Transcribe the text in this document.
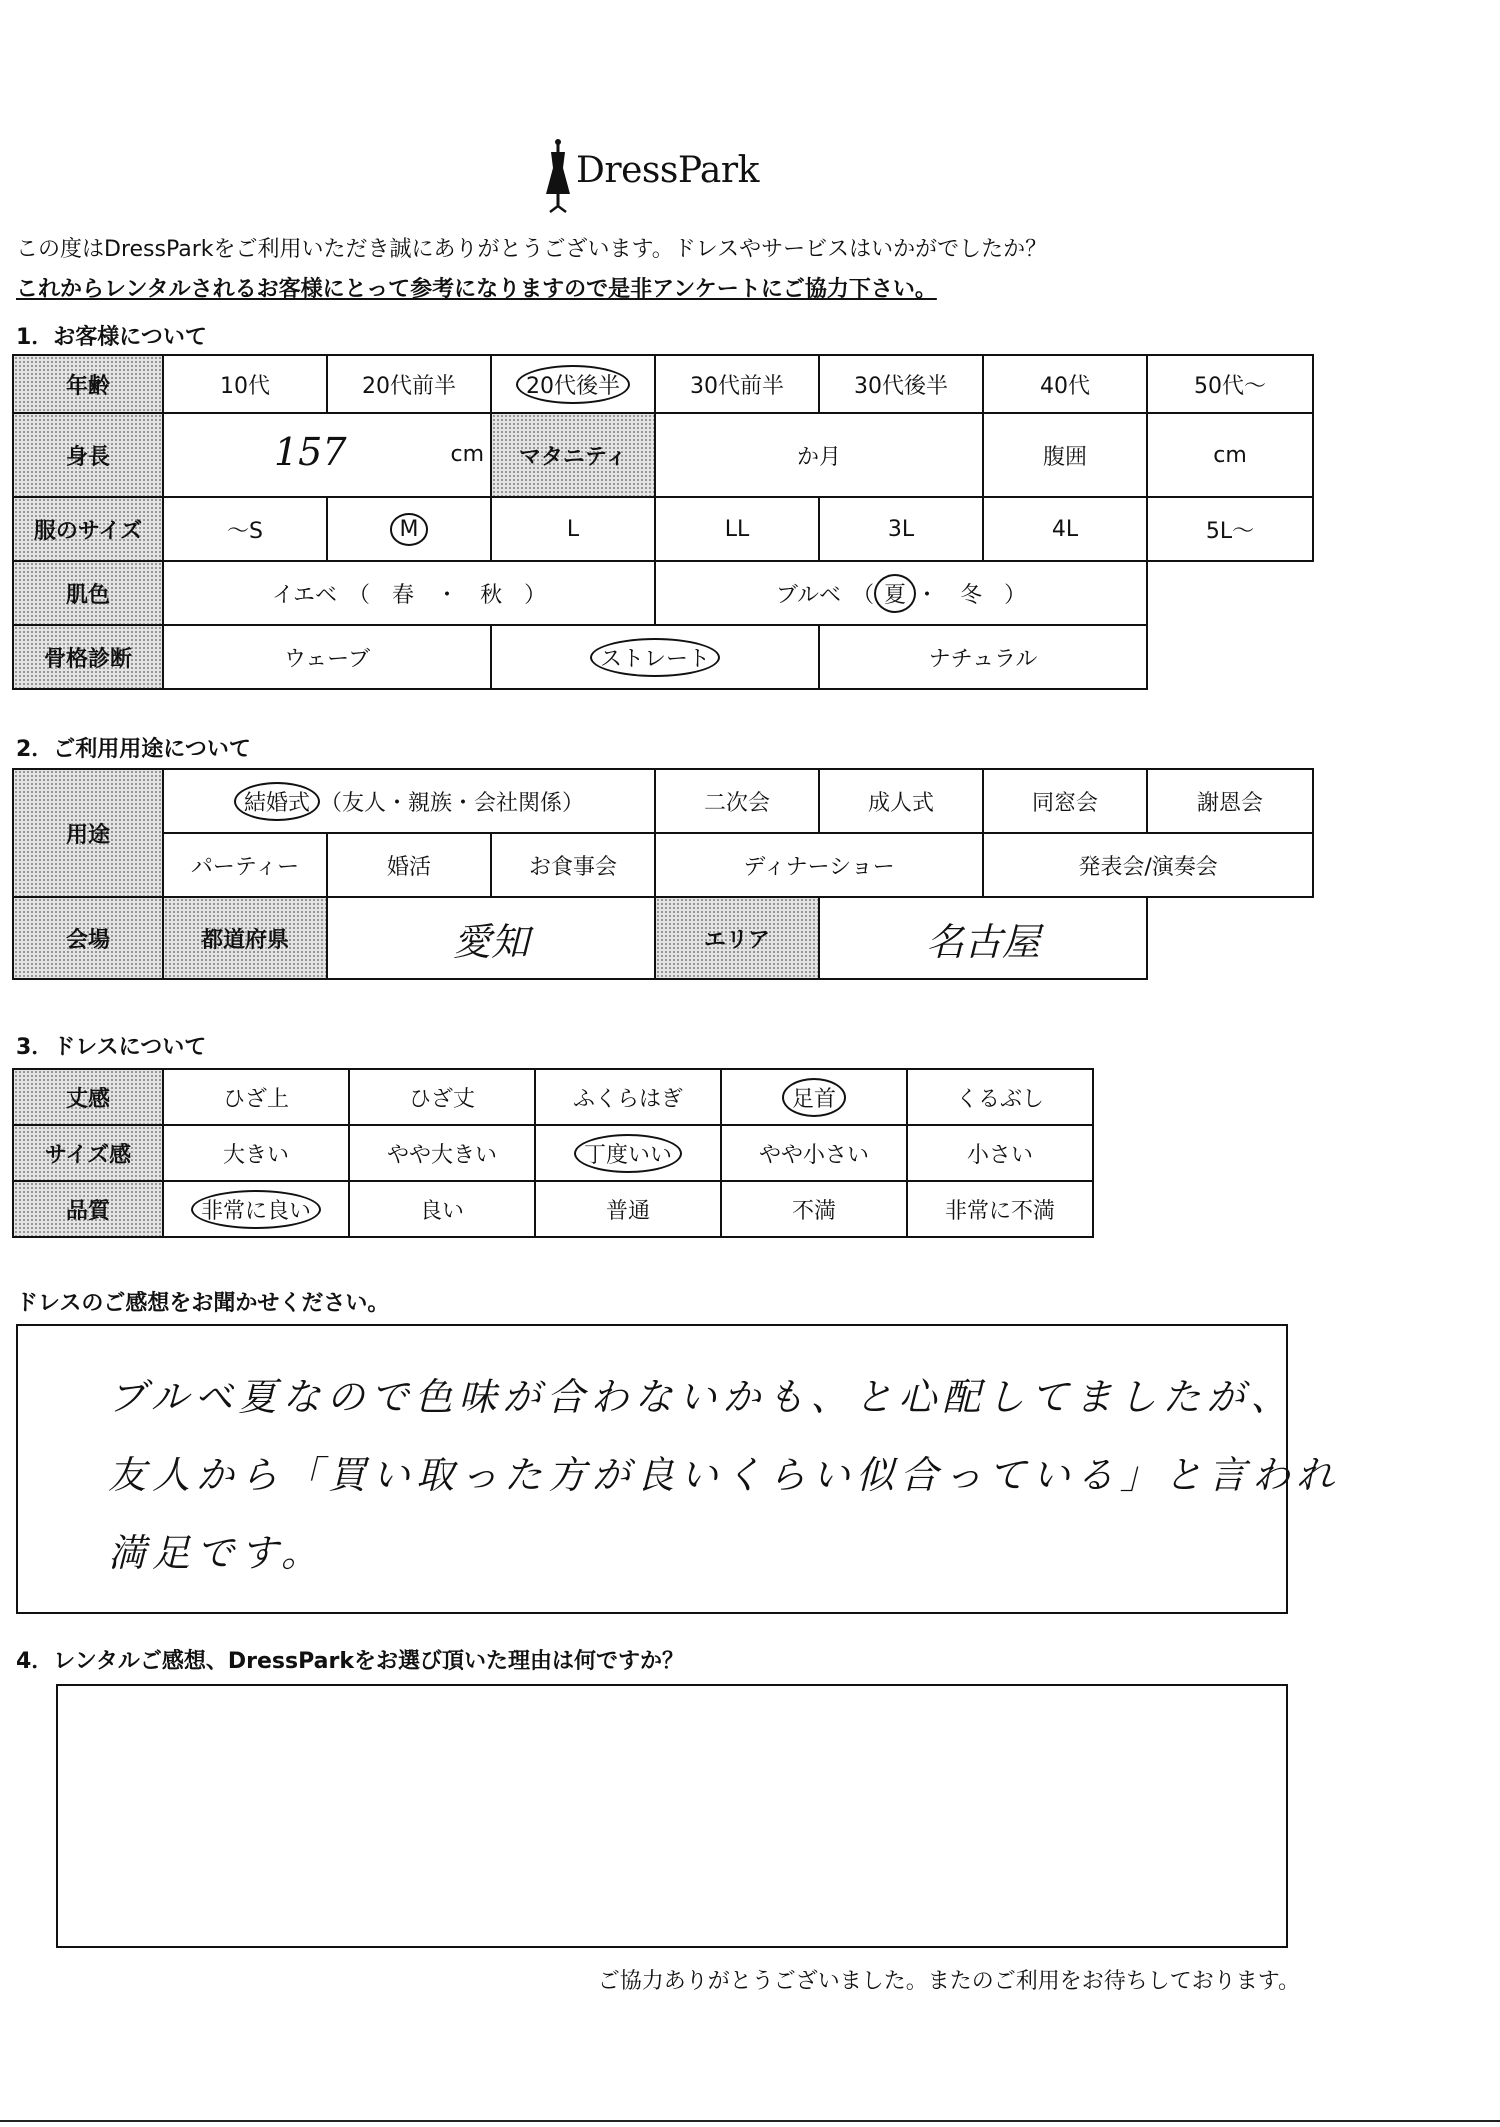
DressPark
この度はDressParkをご利用いただき誠にありがとうございます。ドレスやサービスはいかがでしたか？
これからレンタルされるお客様にとって参考になりますので是非アンケートにご協力下さい。
1．お客様について
年齢	10代	20代前半	20代後半	30代前半	30代後半	40代	50代～
身長	157 cm		マタニティ	か月		腹囲	cm
服のサイズ	～S	M	L	LL	3L	4L	5L～
肌色	イエベ　（　春　・　秋　）			ブルベ　（ 夏 ・　冬　）			
骨格診断	ウェーブ		ストレート		ナチュラル		
2．ご利用用途について
用途	結婚式 （友人・親族・会社関係）			二次会	成人式	同窓会	謝恩会
	パーティー	婚活	お食事会	ディナーショー		発表会/演奏会	
会場	都道府県	愛知		エリア	名古屋		
3．ドレスについて
丈感	ひざ上	ひざ丈	ふくらはぎ	足首	くるぶし
サイズ感	大きい	やや大きい	丁度いい	やや小さい	小さい
品質	非常に良い	良い	普通	不満	非常に不満
ドレスのご感想をお聞かせください。
ブルベ夏なので色味が合わないかも、と心配してましたが、
友人から「買い取った方が良いくらい似合っている」と言われ
満足です。
4．レンタルご感想、DressParkをお選び頂いた理由は何ですか？
ご協力ありがとうございました。またのご利用をお待ちしております。
